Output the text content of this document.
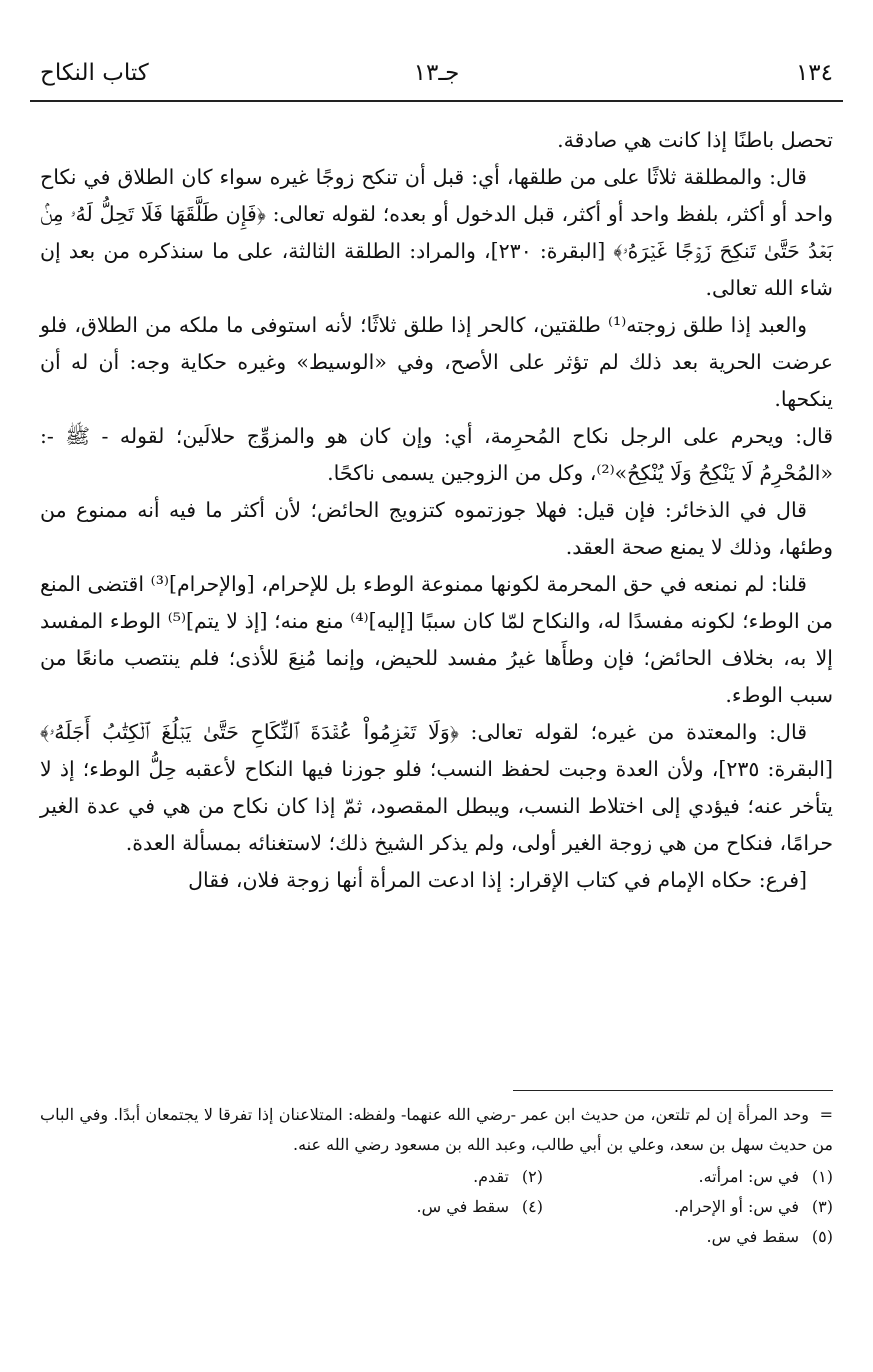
١٣٤
جـ١٣
كتاب النكاح

تحصل باطنًا إذا كانت هي صادقة.

قال: والمطلقة ثلاثًا على من طلقها، أي: قبل أن تنكح زوجًا غيره سواء كان الطلاق في نكاح واحد أو أكثر، بلفظ واحد أو أكثر، قبل الدخول أو بعده؛ لقوله تعالى: ﴿فَإِن طَلَّقَهَا فَلَا تَحِلُّ لَهُۥ مِنۢ بَعۡدُ حَتَّىٰ تَنكِحَ زَوۡجًا غَيۡرَهُۥ﴾ [البقرة: ٢٣٠]، والمراد: الطلقة الثالثة، على ما سنذكره من بعد إن شاء الله تعالى.

والعبد إذا طلق زوجته⁽¹⁾ طلقتين، كالحر إذا طلق ثلاثًا؛ لأنه استوفى ما ملكه من الطلاق، فلو عرضت الحرية بعد ذلك لم تؤثر على الأصح، وفي «الوسيط» وغيره حكاية وجه: أن له أن ينكحها.

قال: ويحرم على الرجل نكاح المُحرِمة، أي: وإن كان هو والمزوِّج حلالَين؛ لقوله - ﷺ -: «المُحْرِمُ لَا يَنْكِحُ وَلَا يُنْكِحُ»⁽²⁾، وكل من الزوجين يسمى ناكحًا.

قال في الذخائر: فإن قيل: فهلا جوزتموه كتزويج الحائض؛ لأن أكثر ما فيه أنه ممنوع من وطئها، وذلك لا يمنع صحة العقد.

قلنا: لم نمنعه في حق المحرمة لكونها ممنوعة الوطء بل للإحرام، [والإحرام]⁽³⁾ اقتضى المنع من الوطء؛ لكونه مفسدًا له، والنكاح لمّا كان سببًا [إليه]⁽⁴⁾ منع منه؛ [إذ لا يتم]⁽⁵⁾ الوطء المفسد إلا به، بخلاف الحائض؛ فإن وطأَها غيرُ مفسد للحيض، وإنما مُنِعَ للأذى؛ فلم ينتصب مانعًا من سبب الوطء.

قال: والمعتدة من غيره؛ لقوله تعالى: ﴿وَلَا تَعۡزِمُواْ عُقۡدَةَ ٱلنِّكَاحِ حَتَّىٰ يَبۡلُغَ ٱلۡكِتَٰبُ أَجَلَهُۥ﴾ [البقرة: ٢٣٥]، ولأن العدة وجبت لحفظ النسب؛ فلو جوزنا فيها النكاح لأعقبه حِلُّ الوطء؛ إذ لا يتأخر عنه؛ فيؤدي إلى اختلاط النسب، ويبطل المقصود، ثمّ إذا كان نكاح من هي في عدة الغير حرامًا، فنكاح من هي زوجة الغير أولى، ولم يذكر الشيخ ذلك؛ لاستغنائه بمسألة العدة.

[فرع: حكاه الإمام في كتاب الإقرار: إذا ادعت المرأة أنها زوجة فلان، فقال

=وحد المرأة إن لم تلتعن، من حديث ابن عمر -رضي الله عنهما- ولفظه: المتلاعنان إذا تفرقا لا يجتمعان أبدًا. وفي الباب من حديث سهل بن سعد، وعلي بن أبي طالب، وعبد الله بن مسعود رضي الله عنه.
(١)في س: امرأته.
(٢)تقدم.
(٣)في س: أو الإحرام.
(٤)سقط في س.
(٥)سقط في س.
